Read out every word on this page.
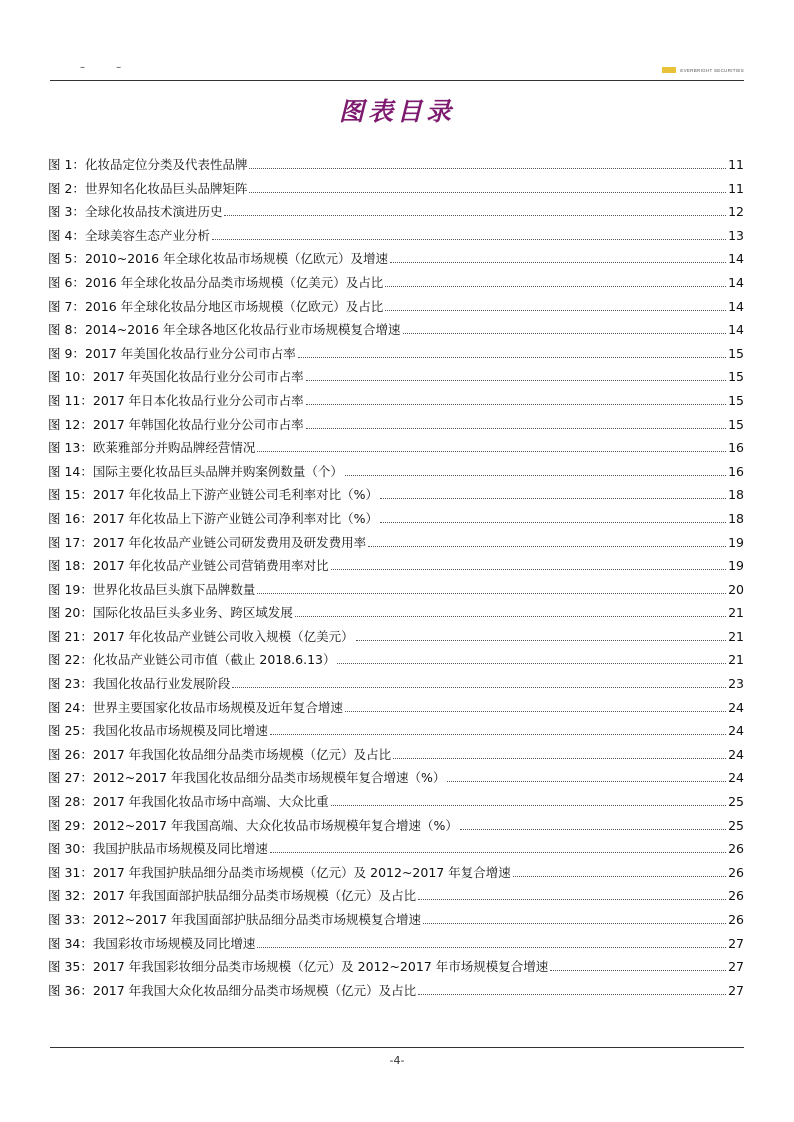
– –	EVERBRIGHT SECURITIES
图表目录
图 1： 化妆品定位分类及代表性品牌	11
图 2： 世界知名化妆品巨头品牌矩阵	11
图 3： 全球化妆品技术演进历史	12
图 4： 全球美容生态产业分析	13
图 5： 2010~2016 年全球化妆品市场规模（亿欧元）及增速	14
图 6： 2016 年全球化妆品分品类市场规模（亿美元）及占比	14
图 7： 2016 年全球化妆品分地区市场规模（亿欧元）及占比	14
图 8： 2014~2016 年全球各地区化妆品行业市场规模复合增速	14
图 9： 2017 年美国化妆品行业分公司市占率	15
图 10： 2017 年英国化妆品行业分公司市占率	15
图 11： 2017 年日本化妆品行业分公司市占率	15
图 12： 2017 年韩国化妆品行业分公司市占率	15
图 13： 欧莱雅部分并购品牌经营情况	16
图 14： 国际主要化妆品巨头品牌并购案例数量（个）	16
图 15： 2017 年化妆品上下游产业链公司毛利率对比（%）	18
图 16： 2017 年化妆品上下游产业链公司净利率对比（%）	18
图 17： 2017 年化妆品产业链公司研发费用及研发费用率	19
图 18： 2017 年化妆品产业链公司营销费用率对比	19
图 19： 世界化妆品巨头旗下品牌数量	20
图 20： 国际化妆品巨头多业务、跨区域发展	21
图 21： 2017 年化妆品产业链公司收入规模（亿美元）	21
图 22： 化妆品产业链公司市值（截止 2018.6.13）	21
图 23： 我国化妆品行业发展阶段	23
图 24： 世界主要国家化妆品市场规模及近年复合增速	24
图 25： 我国化妆品市场规模及同比增速	24
图 26： 2017 年我国化妆品细分品类市场规模（亿元）及占比	24
图 27： 2012~2017 年我国化妆品细分品类市场规模年复合增速（%）	24
图 28： 2017 年我国化妆品市场中高端、大众比重	25
图 29： 2012~2017 年我国高端、大众化妆品市场规模年复合增速（%）	25
图 30： 我国护肤品市场规模及同比增速	26
图 31： 2017 年我国护肤品细分品类市场规模（亿元）及 2012~2017 年复合增速	26
图 32： 2017 年我国面部护肤品细分品类市场规模（亿元）及占比	26
图 33： 2012~2017 年我国面部护肤品细分品类市场规模复合增速	26
图 34： 我国彩妆市场规模及同比增速	27
图 35： 2017 年我国彩妆细分品类市场规模（亿元）及 2012~2017 年市场规模复合增速	27
图 36： 2017 年我国大众化妆品细分品类市场规模（亿元）及占比	27
-4-
